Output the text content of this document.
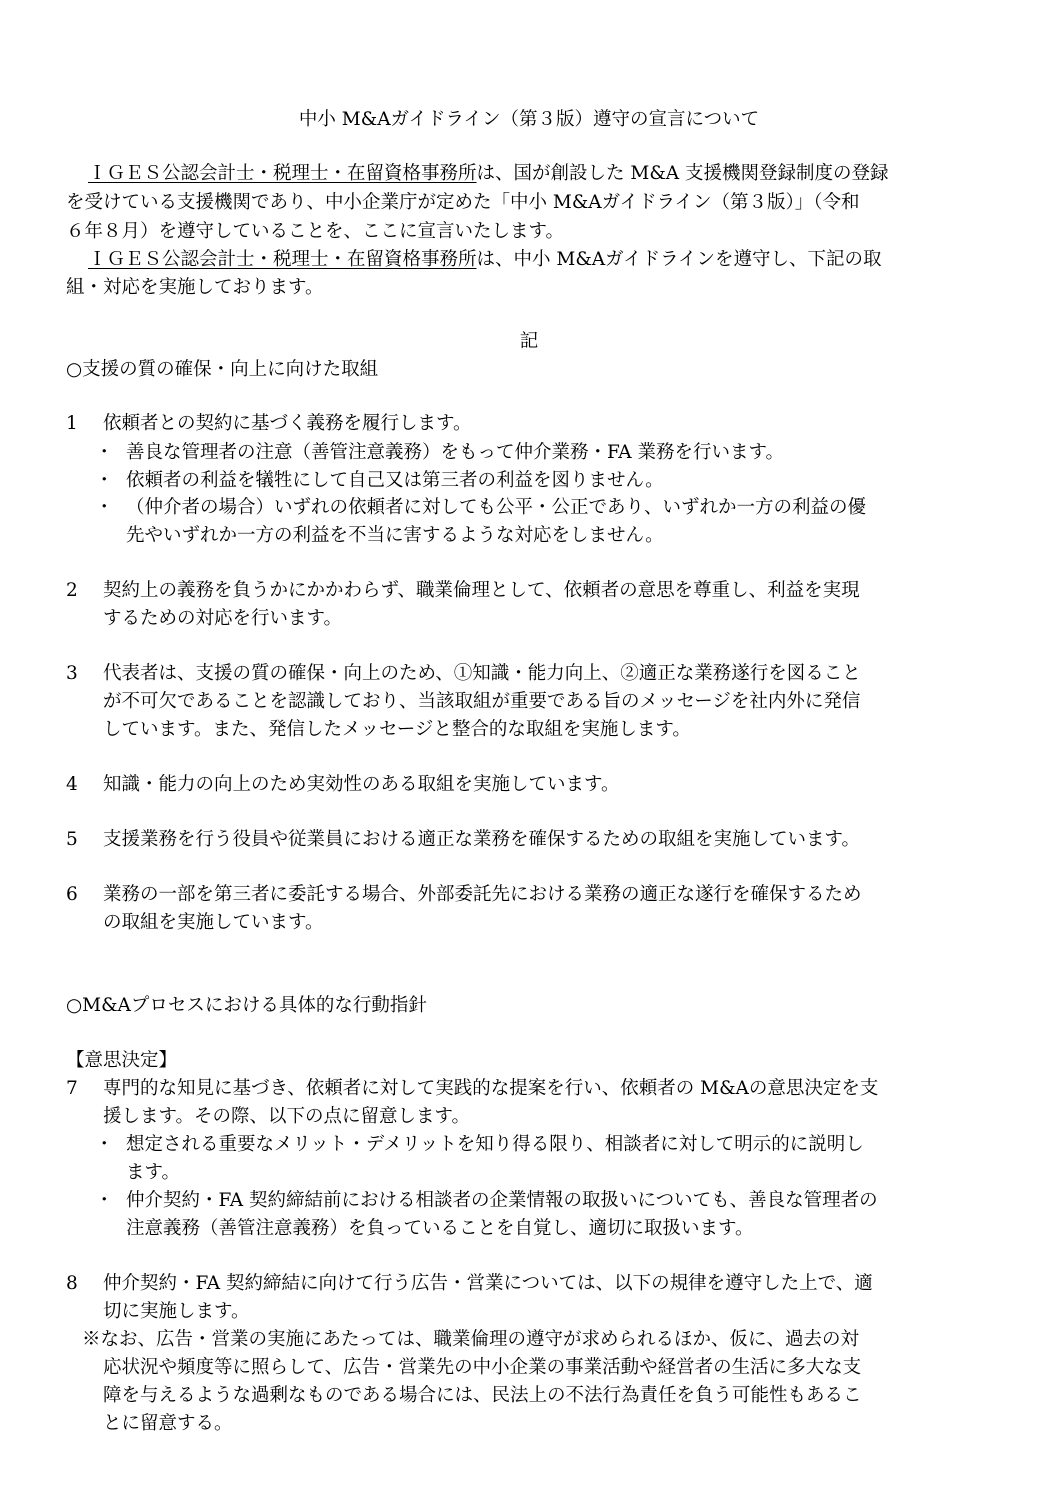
中小 M&Aガイドライン（第３版）遵守の宣言について
ＩＧＥＳ公認会計士・税理士・在留資格事務所は、国が創設した M&A 支援機関登録制度の登録
を受けている支援機関であり、中小企業庁が定めた「中小 M&Aガイドライン（第３版）」（令和
６年８月）を遵守していることを、ここに宣言いたします。
ＩＧＥＳ公認会計士・税理士・在留資格事務所は、中小 M&Aガイドラインを遵守し、下記の取
組・対応を実施しております。
記
○支援の質の確保・向上に向けた取組
1 依頼者との契約に基づく義務を履行します。
・ 善良な管理者の注意（善管注意義務）をもって仲介業務・FA 業務を行います。
・ 依頼者の利益を犠牲にして自己又は第三者の利益を図りません。
・ （仲介者の場合）いずれの依頼者に対しても公平・公正であり、いずれか一方の利益の優
先やいずれか一方の利益を不当に害するような対応をしません。
2 契約上の義務を負うかにかかわらず、職業倫理として、依頼者の意思を尊重し、利益を実現
するための対応を行います。
3 代表者は、支援の質の確保・向上のため、①知識・能力向上、②適正な業務遂行を図ること
が不可欠であることを認識しており、当該取組が重要である旨のメッセージを社内外に発信
しています。また、発信したメッセージと整合的な取組を実施します。
4 知識・能力の向上のため実効性のある取組を実施しています。
5 支援業務を行う役員や従業員における適正な業務を確保するための取組を実施しています。
6 業務の一部を第三者に委託する場合、外部委託先における業務の適正な遂行を確保するため
の取組を実施しています。
○M&Aプロセスにおける具体的な行動指針
【意思決定】
7 専門的な知見に基づき、依頼者に対して実践的な提案を行い、依頼者の M&Aの意思決定を支
援します。その際、以下の点に留意します。
・ 想定される重要なメリット・デメリットを知り得る限り、相談者に対して明示的に説明し
ます。
・ 仲介契約・FA 契約締結前における相談者の企業情報の取扱いについても、善良な管理者の
注意義務（善管注意義務）を負っていることを自覚し、適切に取扱います。
8 仲介契約・FA 契約締結に向けて行う広告・営業については、以下の規律を遵守した上で、適
切に実施します。
※なお、広告・営業の実施にあたっては、職業倫理の遵守が求められるほか、仮に、過去の対
応状況や頻度等に照らして、広告・営業先の中小企業の事業活動や経営者の生活に多大な支
障を与えるような過剰なものである場合には、民法上の不法行為責任を負う可能性もあるこ
とに留意する。
